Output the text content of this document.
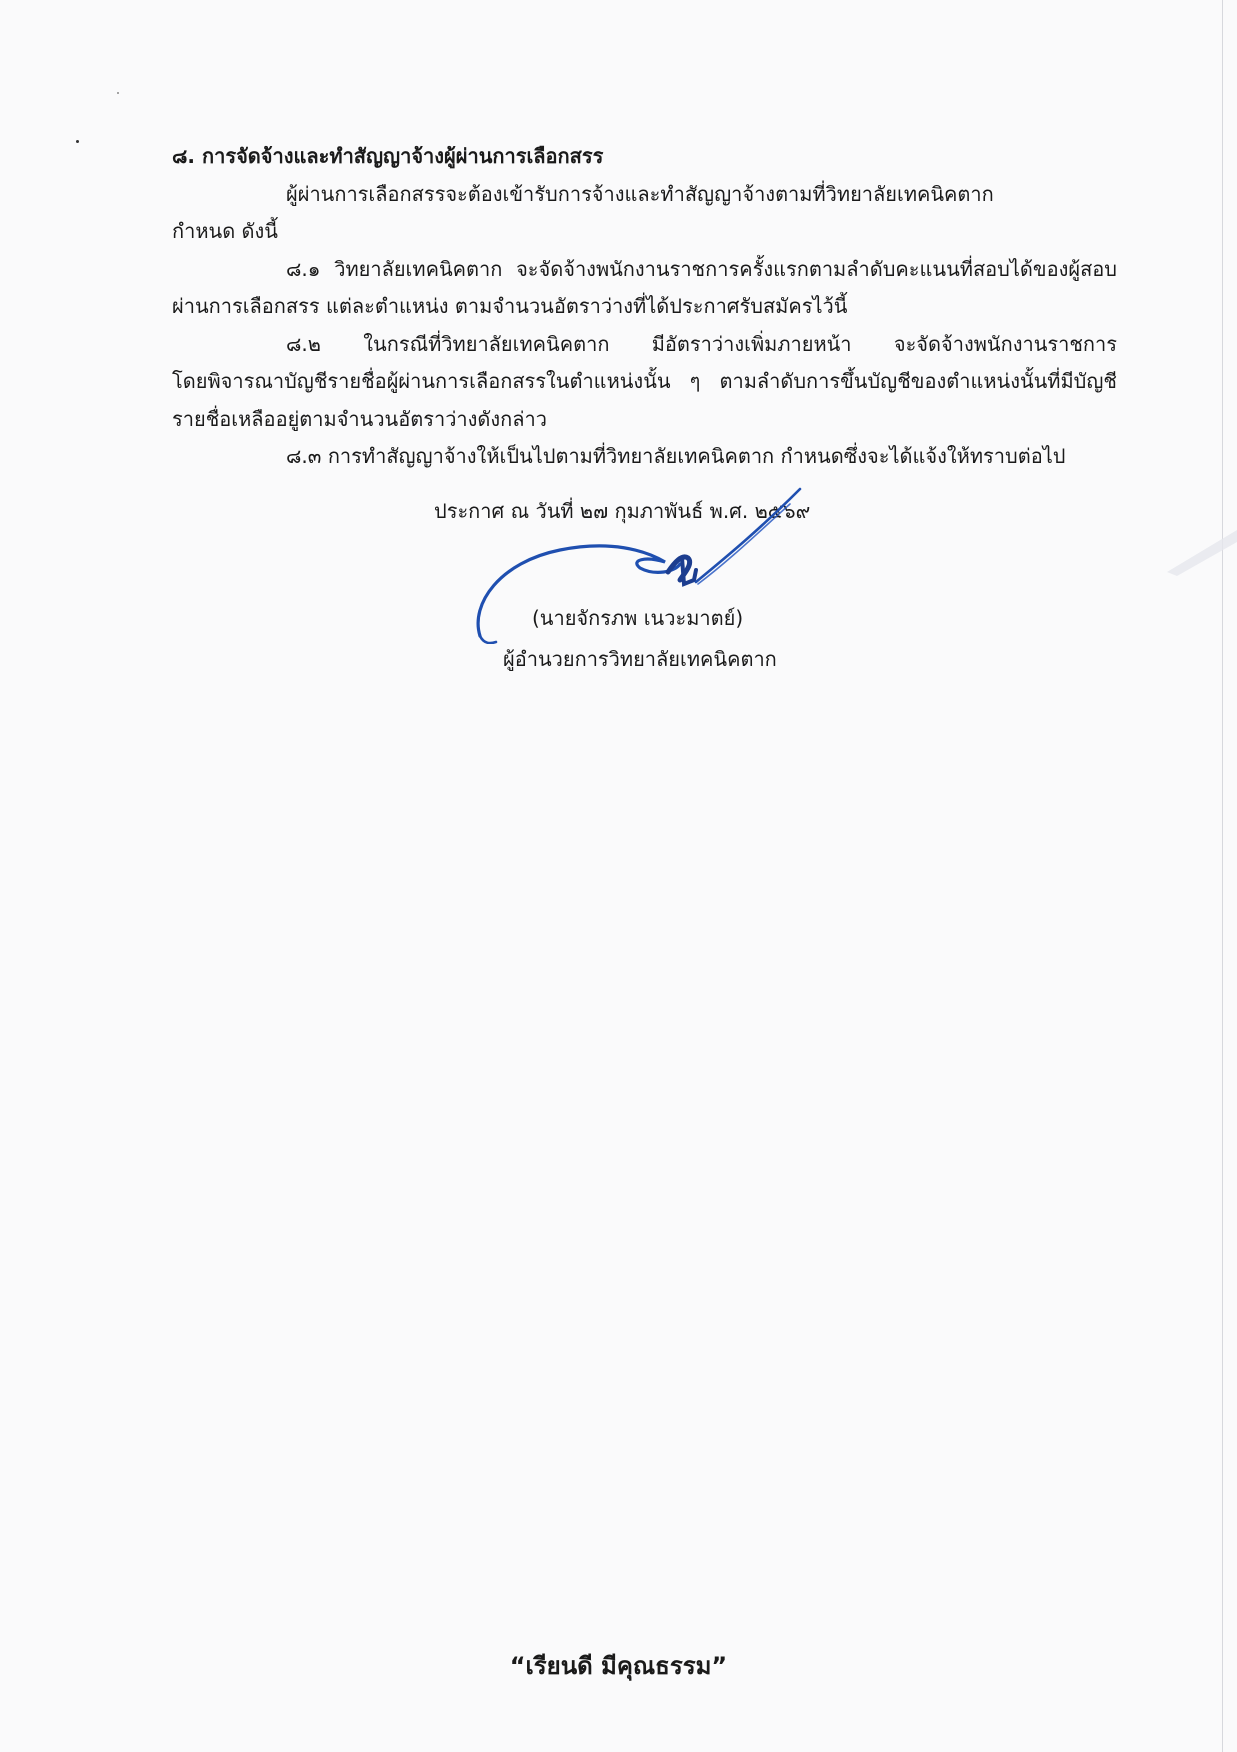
๘. การจัดจ้างและทำสัญญาจ้างผู้ผ่านการเลือกสรร
ผู้ผ่านการเลือกสรรจะต้องเข้ารับการจ้างและทำสัญญาจ้างตามที่วิทยาลัยเทคนิคตาก
กำหนด ดังนี้
๘.๑ วิทยาลัยเทคนิคตาก จะจัดจ้างพนักงานราชการครั้งแรกตามลำดับคะแนนที่สอบได้ของผู้สอบ
ผ่านการเลือกสรร แต่ละตำแหน่ง ตามจำนวนอัตราว่างที่ได้ประกาศรับสมัครไว้นี้
๘.๒ ในกรณีที่วิทยาลัยเทคนิคตาก มีอัตราว่างเพิ่มภายหน้า จะจัดจ้างพนักงานราชการ
โดยพิจารณาบัญชีรายชื่อผู้ผ่านการเลือกสรรในตำแหน่งนั้น ๆ ตามลำดับการขึ้นบัญชีของตำแหน่งนั้นที่มีบัญชี
รายชื่อเหลืออยู่ตามจำนวนอัตราว่างดังกล่าว
๘.๓ การทำสัญญาจ้างให้เป็นไปตามที่วิทยาลัยเทคนิคตาก กำหนดซึ่งจะได้แจ้งให้ทราบต่อไป
ประกาศ ณ วันที่ ๒๗ กุมภาพันธ์ พ.ศ. ๒๕๖๙
(นายจักรภพ เนวะมาตย์)
ผู้อำนวยการวิทยาลัยเทคนิคตาก
“เรียนดี มีคุณธรรม”
